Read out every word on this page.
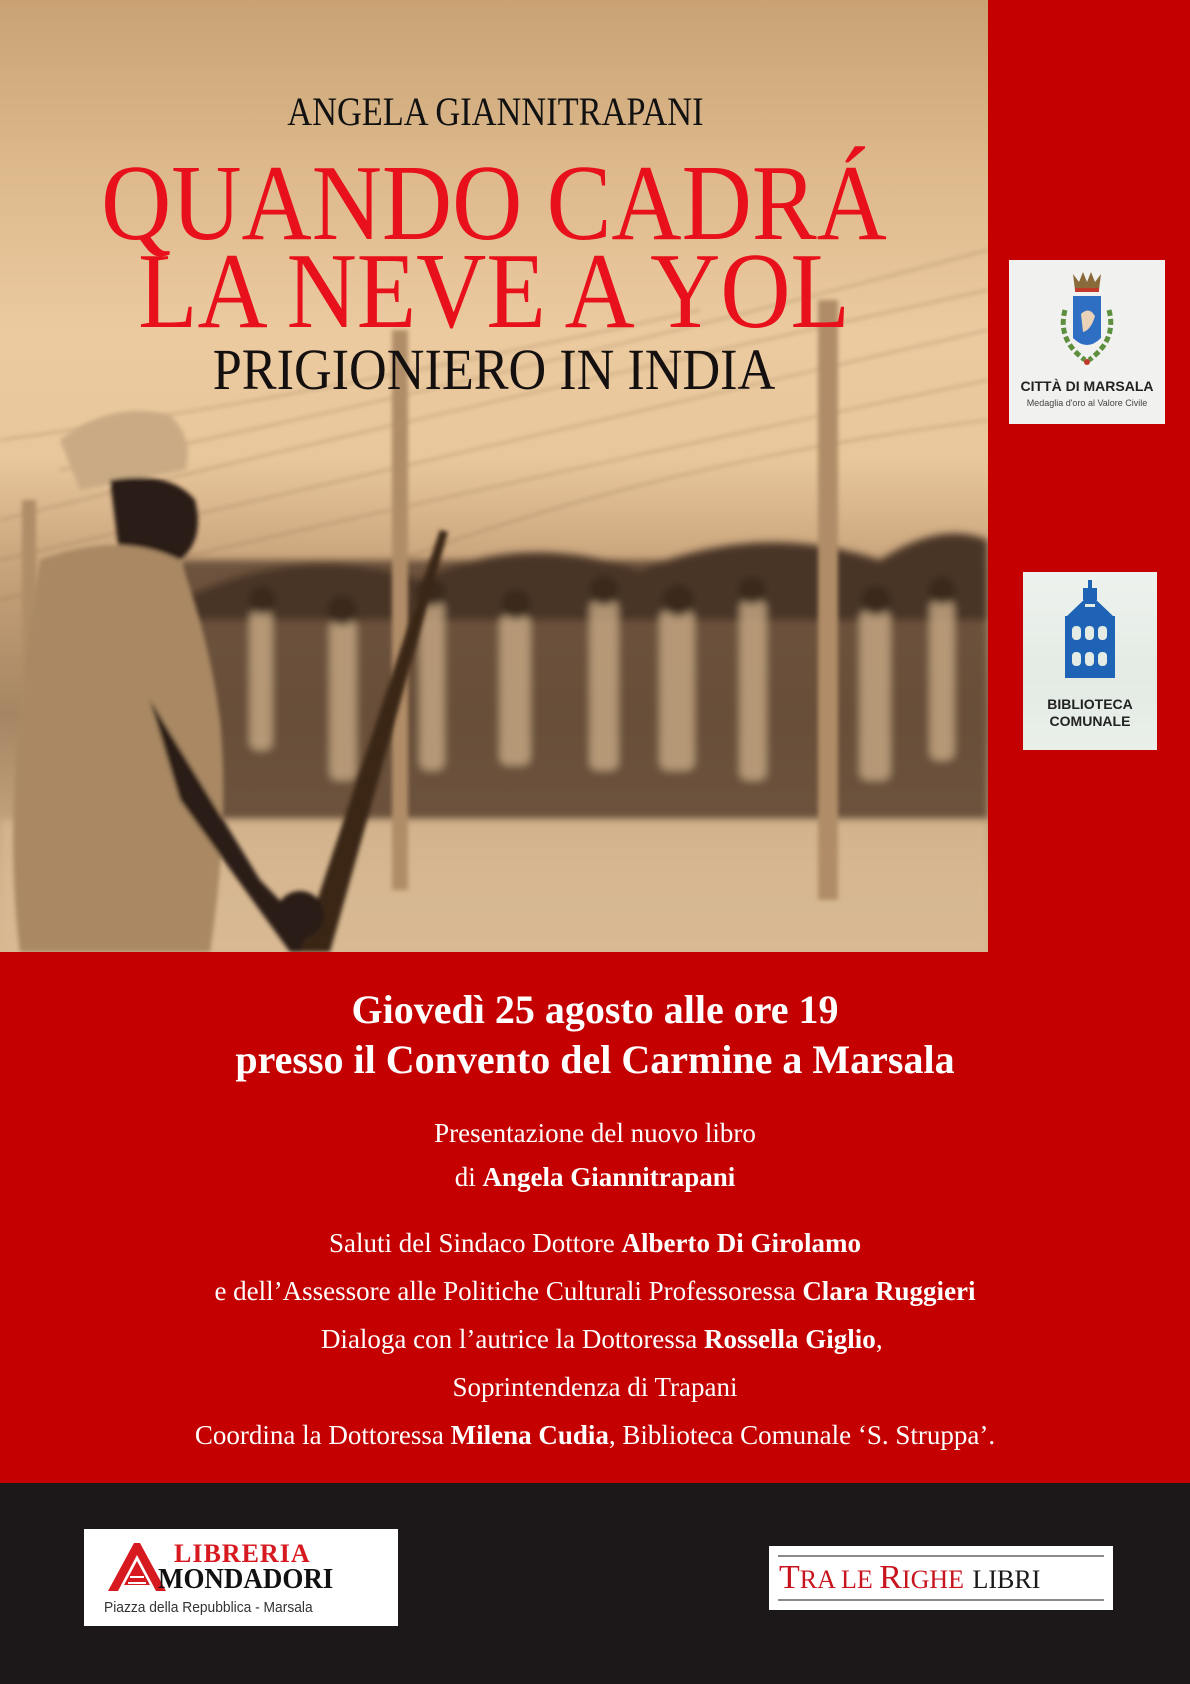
ANGELA GIANNITRAPANI
QUANDO CADRÁ
LA NEVE A YOL
PRIGIONIERO IN INDIA	CITTÀ DI MARSALA
Medaglia d'oro al Valore Civile
BIBLIOTECA
COMUNALE
Giovedì 25 agosto alle ore 19
presso il Convento del Carmine a Marsala
Presentazione del nuovo libro
di Angela Giannitrapani
Saluti del Sindaco Dottore Alberto Di Girolamo
e dell’Assessore alle Politiche Culturali Professoressa Clara Ruggieri
Dialoga con l’autrice la Dottoressa Rossella Giglio,
Soprintendenza di Trapani
Coordina la Dottoressa Milena Cudia, Biblioteca Comunale ‘S. Struppa’.
LIBRERIA
MONDADORI
Piazza della Repubblica - Marsala
TRA LE RIGHE LIBRI
